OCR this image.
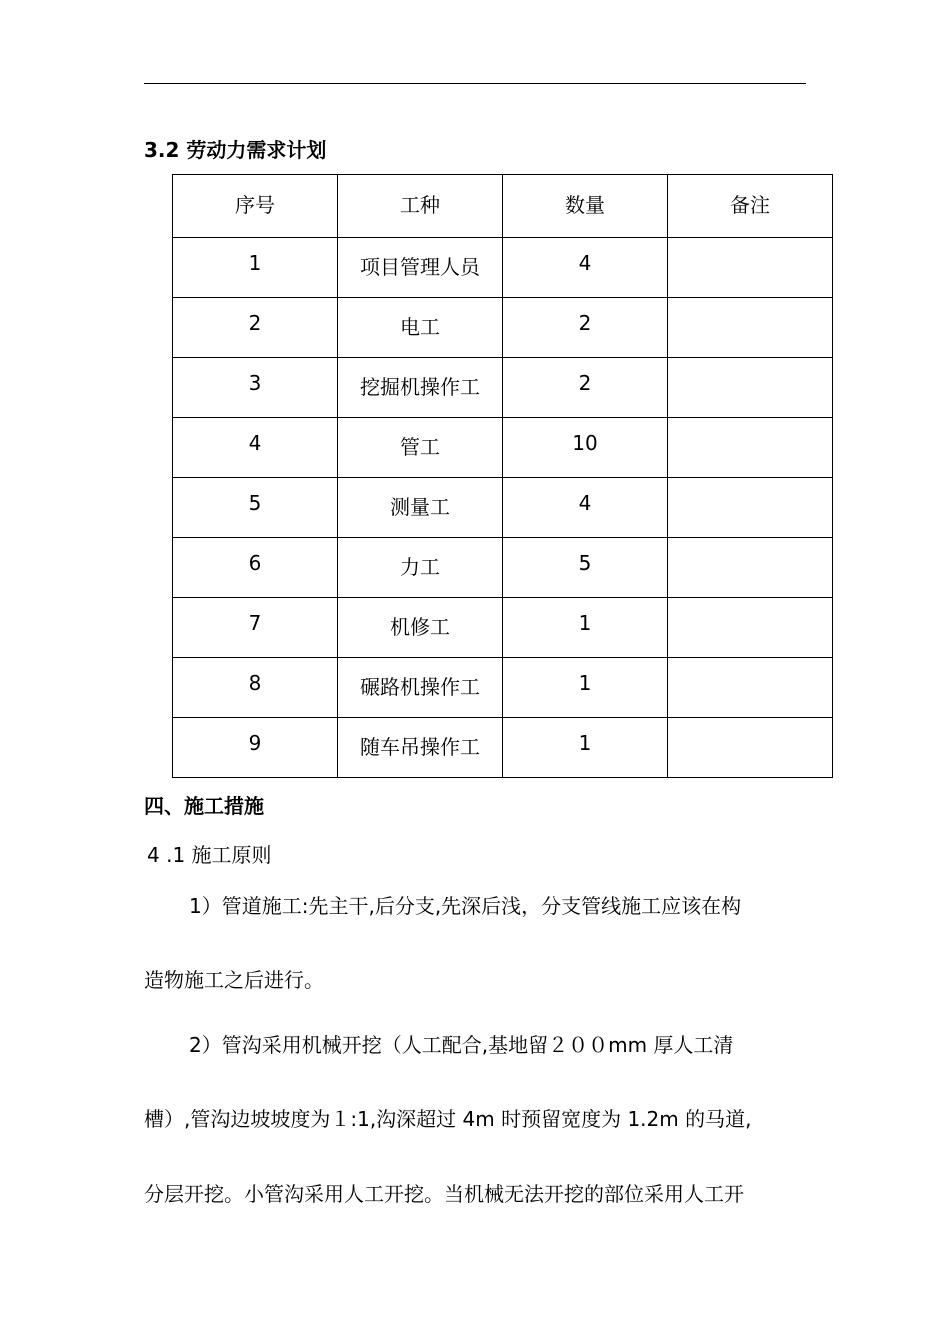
3.2 劳动力需求计划
序号	工种	数量	备注
1	项目管理人员	4	
2	电工	2	
3	挖掘机操作工	2	
4	管工	10	
5	测量工	4	
6	力工	5	
7	机修工	1	
8	碾路机操作工	1	
9	随车吊操作工	1	
四、施工措施
4 .1 施工原则
1）管道施工:先主干,后分支,先深后浅，分支管线施工应该在构
造物施工之后进行。
2）管沟采用机械开挖（人工配合,基地留２００mm 厚人工清
槽）,管沟边坡坡度为１:1,沟深超过 4m 时预留宽度为 1.2m 的马道,
分层开挖。小管沟采用人工开挖。当机械无法开挖的部位采用人工开
